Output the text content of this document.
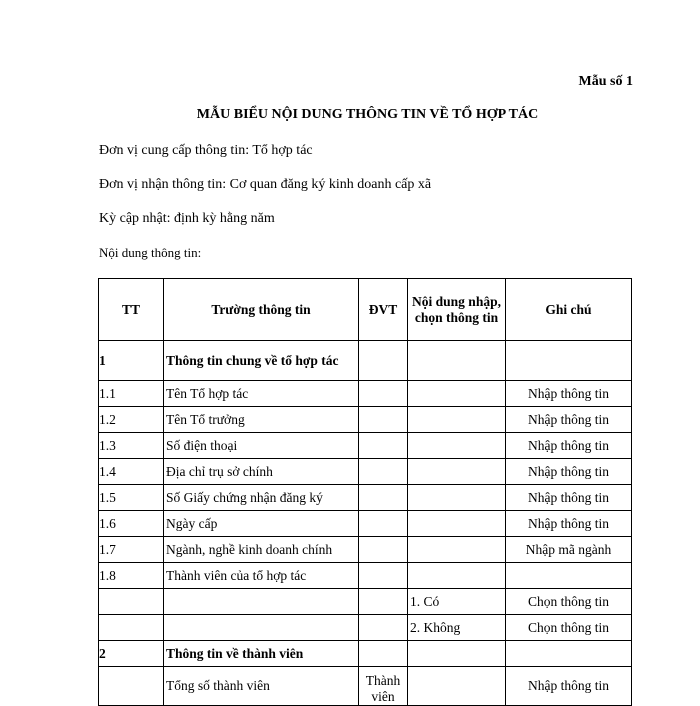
Mẫu số 1
MẪU BIỂU NỘI DUNG THÔNG TIN VỀ TỔ HỢP TÁC
Đơn vị cung cấp thông tin: Tổ hợp tác
Đơn vị nhận thông tin: Cơ quan đăng ký kinh doanh cấp xã
Kỳ cập nhật: định kỳ hằng năm
Nội dung thông tin:
TT	Trường thông tin	ĐVT	Nội dung nhập, chọn thông tin	Ghi chú
1	Thông tin chung về tổ hợp tác			
1.1	Tên Tổ hợp tác			Nhập thông tin
1.2	Tên Tổ trưởng			Nhập thông tin
1.3	Số điện thoại			Nhập thông tin
1.4	Địa chỉ trụ sở chính			Nhập thông tin
1.5	Số Giấy chứng nhận đăng ký			Nhập thông tin
1.6	Ngày cấp			Nhập thông tin
1.7	Ngành, nghề kinh doanh chính			Nhập mã ngành
1.8	Thành viên của tổ hợp tác			
			1. Có	Chọn thông tin
			2. Không	Chọn thông tin
2	Thông tin về thành viên			
	Tổng số thành viên	Thành viên		Nhập thông tin
